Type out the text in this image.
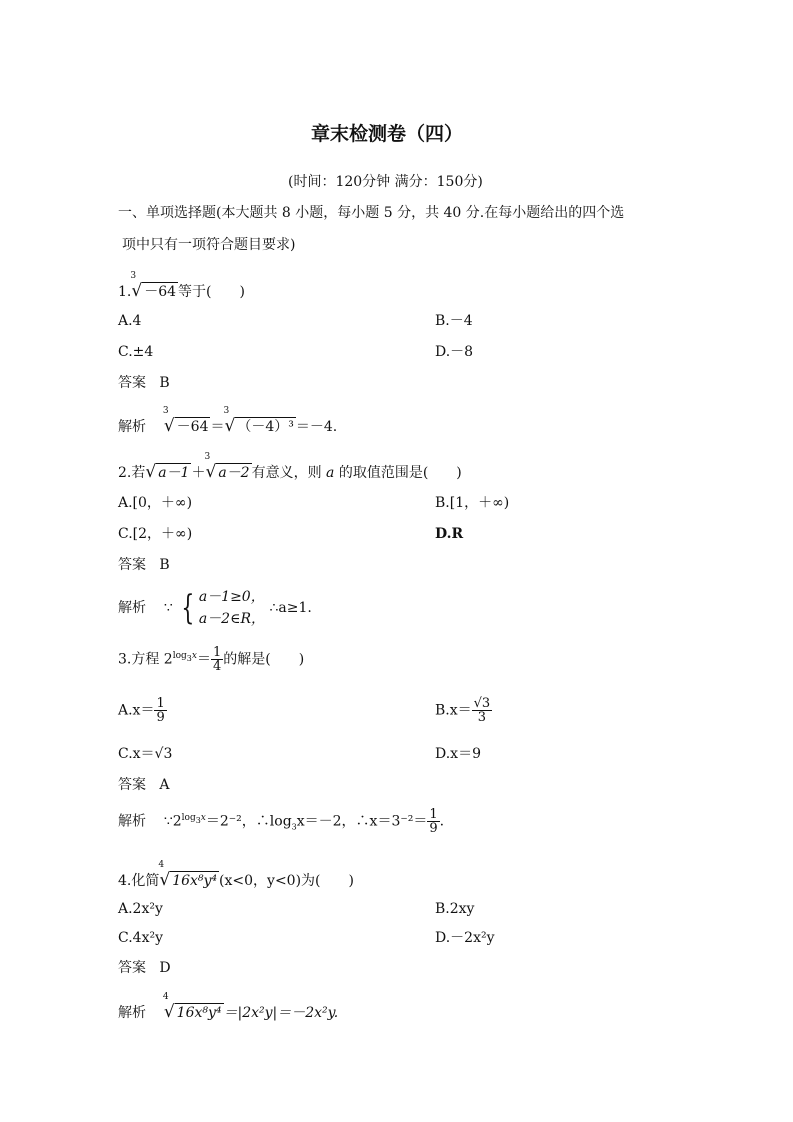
章末检测卷（四）
(时间：120分钟 满分：150分)
一、单项选择题(本大题共 8 小题，每小题 5 分，共 40 分.在每小题给出的四个选
项中只有一项符合题目要求)
1.
3
√ －64 等于(　　)
A.4	B.－4
C.±4	D.－8
答案 B
解析
3
√ －64 ＝
3
√ （－4）³ ＝－4.
2.若√ a－1 ＋
3
√ a－2 有意义，则 a 的取值范围是(　　)
A.[0，＋∞)	B.[1，＋∞)
C.[2，＋∞)	D.R
答案 B
解析 ∵ { a－1≥0，
a－2∈R，
∴a≥1.
3.方程 $2^{log_3x}= \frac{1}{4}$ 的解是(　　)
$A.x= \frac{1}{9}$	$B.x= \frac{√3}{3}$
C.x＝√3	D.x＝9
答案 A
解析 $\because 2^{log_3x}=2^{-2}$，$\therefore\log_3x=-2$，∴x＝3⁻²＝ $\frac{1}{9}$ .
4.化简
4
√ 16x⁸y⁴ (x<0，y<0)为(　　)
A.2x²y	B.2xy
C.4x²y	D.－2x²y
答案 D
解析
4
√ 16x⁸y⁴ ＝|2x²y|＝－2x²y.
